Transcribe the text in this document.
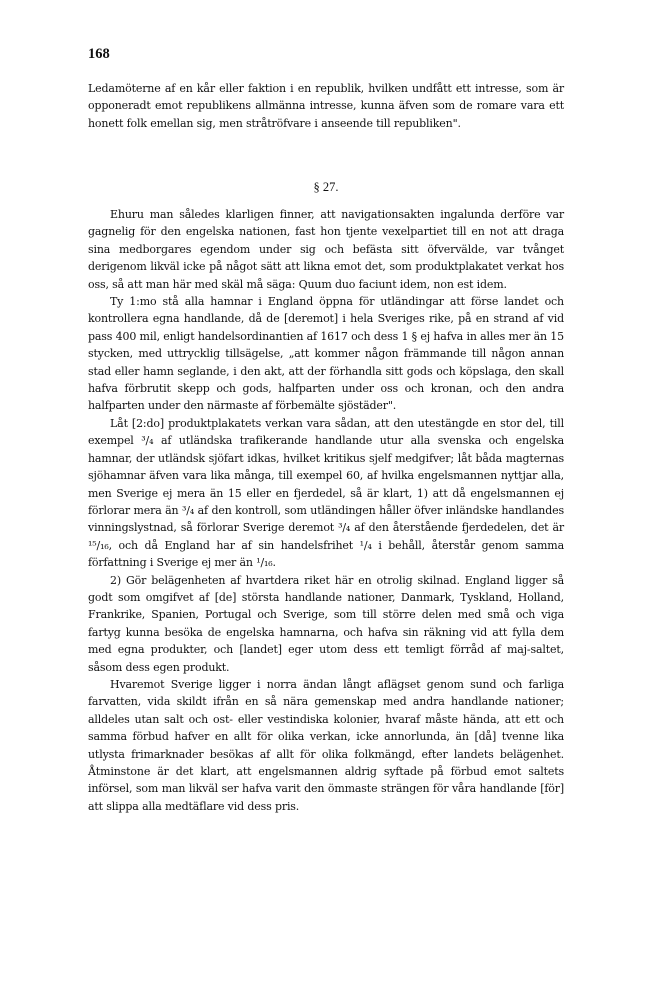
168

Ledamöterne af en kår eller faktion i en republik, hvilken undfått ett intresse, som är opponeradt emot republikens allmänna intresse, kunna äfven som de romare vara ett honett folk emellan sig, men stråtröfvare i anseende till republiken".

§ 27.

Ehuru man således klarligen finner, att navigationsakten ingalunda derföre var gagnelig för den engelska nationen, fast hon tjente vexelpartiet till en not att draga sina medborgares egendom under sig och befästa sitt öfvervälde, var tvånget derigenom likväl icke på något sätt att likna emot det, som produktplakatet verkat hos oss, så att man här med skäl må säga: Quum duo faciunt idem, non est idem.

Ty 1:mo stå alla hamnar i England öppna för utländingar att förse landet och kontrollera egna handlande, då de [deremot] i hela Sveriges rike, på en strand af vid pass 400 mil, enligt handelsordinantien af 1617 och dess 1 § ej hafva in alles mer än 15 stycken, med uttrycklig tillsägelse, „att kommer någon främmande till någon annan stad eller hamn seglande, i den akt, att der förhandla sitt gods och köpslaga, den skall hafva förbrutit skepp och gods, halfparten under oss och kronan, och den andra halfparten under den närmaste af förbemälte sjöstäder".

Låt [2:do] produktplakatets verkan vara sådan, att den utestängde en stor del, till exempel ³/₄ af utländska trafikerande handlande utur alla svenska och engelska hamnar, der utländsk sjöfart idkas, hvilket kritikus sjelf medgifver; låt båda magternas sjöhamnar äfven vara lika många, till exempel 60, af hvilka engelsmannen nyttjar alla, men Sverige ej mera än 15 eller en fjerdedel, så är klart, 1) att då engelsmannen ej förlorar mera än ³/₄ af den kontroll, som utländingen håller öfver inländske handlandes vinningslystnad, så förlorar Sverige deremot ³/₄ af den återstående fjerdedelen, det är ¹⁵/₁₆, och då England har af sin handelsfrihet ¹/₄ i behåll, återstår genom samma författning i Sverige ej mer än ¹/₁₆.

2) Gör belägenheten af hvartdera riket här en otrolig skilnad. England ligger så godt som omgifvet af [de] största handlande nationer, Danmark, Tyskland, Holland, Frankrike, Spanien, Portugal och Sverige, som till större delen med små och viga fartyg kunna besöka de engelska hamnarna, och hafva sin räkning vid att fylla dem med egna produkter, och [landet] eger utom dess ett temligt förråd af maj-saltet, såsom dess egen produkt.

Hvaremot Sverige ligger i norra ändan långt aflägset genom sund och farliga farvatten, vida skildt ifrån en så nära gemenskap med andra handlande nationer; alldeles utan salt och ost- eller vestindiska kolonier, hvaraf måste hända, att ett och samma förbud hafver en allt för olika verkan, icke annorlunda, än [då] tvenne lika utlysta frimarknader besökas af allt för olika folkmängd, efter landets belägenhet. Åtminstone är det klart, att engelsmannen aldrig syftade på förbud emot saltets införsel, som man likväl ser hafva varit den ömmaste strängen för våra handlande [för] att slippa alla medtäflare vid dess pris.
